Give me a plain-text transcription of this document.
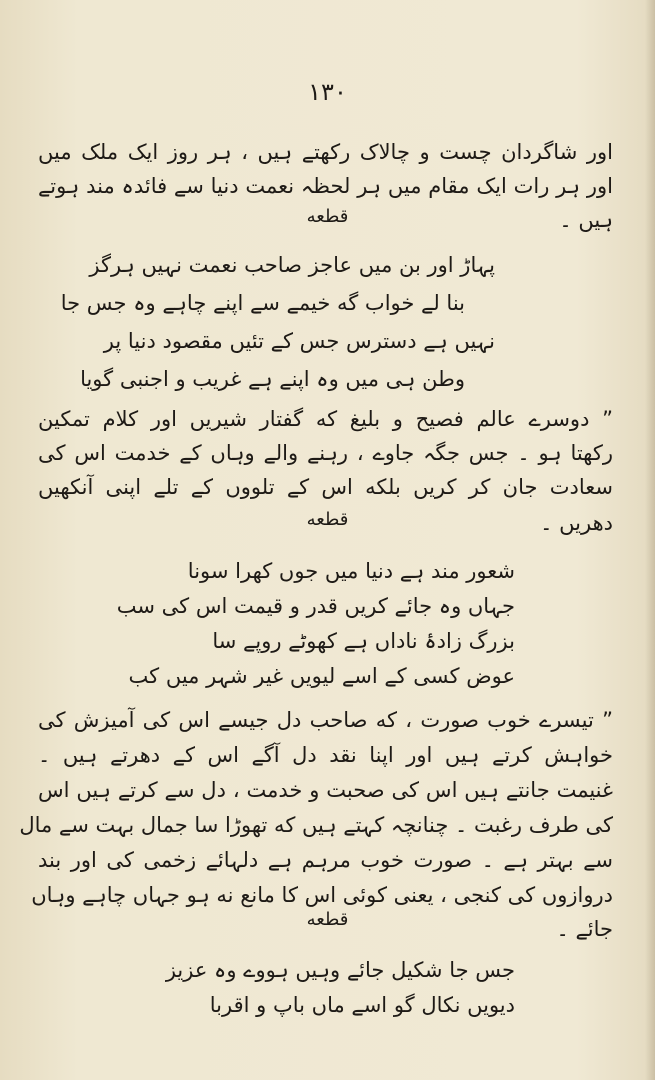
۱۳۰
اور شاگردان چست و چالاک رکھتے ہیں ، ہر روز ایک ملک میں
اور ہر رات ایک مقام میں ہر لحظہ نعمت دنیا سے فائدہ مند ہوتے
ہیں ۔
قطعه
پہاڑ اور بن میں عاجز صاحب نعمت نہیں ہرگز
بنا لے خواب گه خیمے سے اپنے چاہے وہ جس جا
نہیں ہے دسترس جس کے تئیں مقصود دنیا پر
وطن ہی میں وہ اپنے ہے غریب و اجنبی گویا
” دوسرے عالم فصیح و بلیغ که گفتار شیریں اور کلام تمکین
رکھتا ہو ۔ جس جگہ جاوے ، رہنے والے وہاں کے خدمت اس کی
سعادت جان کر کریں بلکه اس کے تلووں کے تلے اپنی آنکھیں
دھریں ۔
قطعه
شعور مند ہے دنیا میں جوں کھرا سونا
جہاں وہ جائے کریں قدر و قیمت اس کی سب
بزرگ زادۂ ناداں ہے کھوٹے روپے سا
عوض کسی کے اسے لیویں غیر شہر میں کب
” تیسرے خوب صورت ، که صاحب دل جیسے اس کی آمیزش کی
خواہش کرتے ہیں اور اپنا نقد دل آگے اس کے دھرتے ہیں ۔
غنیمت جانتے ہیں اس کی صحبت و خدمت ، دل سے کرتے ہیں اس
کی طرف رغبت ۔ چنانچہ کہتے ہیں که تھوڑا سا جمال بہت سے مال
سے بہتر ہے ۔ صورت خوب مرہم ہے دلہائے زخمی کی اور بند
دروازوں کی کنجی ، یعنی کوئی اس کا مانع نه ہو جہاں چاہے وہاں
جائے ۔
قطعه
جس جا شکیل جائے وہیں ہووے وہ عزیز
دیویں نکال گو اسے ماں باپ و اقربا
